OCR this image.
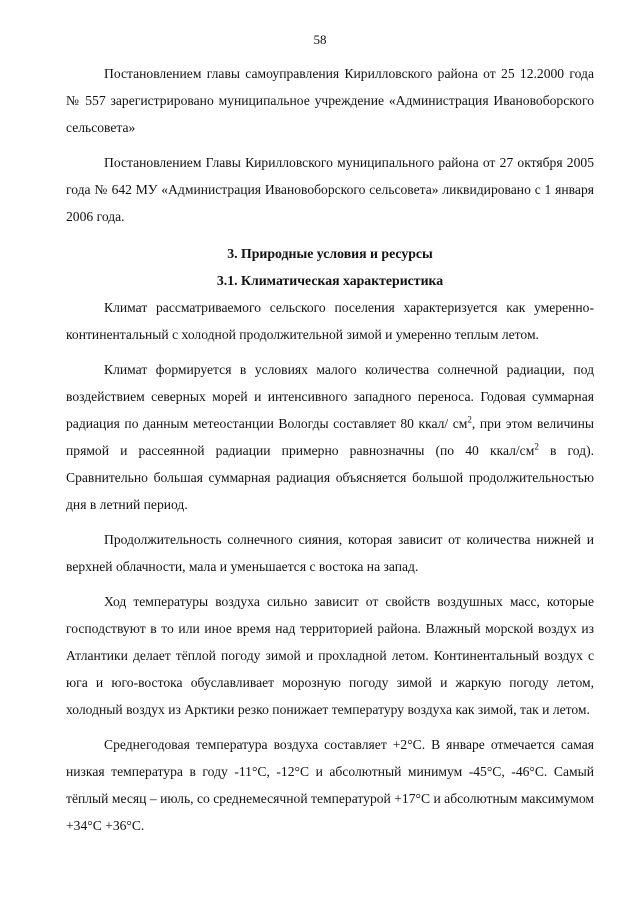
58

Постановлением главы самоуправления Кирилловского района от 25 12.2000 года № 557 зарегистрировано муниципальное учреждение «Администрация Ивановоборского сельсовета»

Постановлением Главы Кирилловского муниципального района от 27 октября 2005 года № 642 МУ «Администрация Ивановоборского сельсовета» ликвидировано с 1 января 2006 года.

3. Природные условия и ресурсы

3.1. Климатическая характеристика

Климат рассматриваемого сельского поселения характеризуется как умеренно-континентальный с холодной продолжительной зимой и умеренно теплым летом.

Климат формируется в условиях малого количества солнечной радиации, под воздействием северных морей и интенсивного западного переноса. Годовая суммарная радиация по данным метеостанции Вологды составляет 80 ккал/ $см^2$, при этом величины прямой и рассеянной радиации примерно равнозначны (по 40 ккал/$см^2$ в год). Сравнительно большая суммарная радиация объясняется большой продолжительностью дня в летний период.

Продолжительность солнечного сияния, которая зависит от количества нижней и верхней облачности, мала и уменьшается с востока на запад.

Ход температуры воздуха сильно зависит от свойств воздушных масс, которые господствуют в то или иное время над территорией района. Влажный морской воздух из Атлантики делает тёплой погоду зимой и прохладной летом. Континентальный воздух с юга и юго-востока обуславливает морозную погоду зимой и жаркую погоду летом, холодный воздух из Арктики резко понижает температуру воздуха как зимой, так и летом.

Среднегодовая температура воздуха составляет +2°С. В январе отмечается самая низкая температура в году -11°С, -12°С и абсолютный минимум -45°С, -46°С. Самый тёплый месяц – июль, со среднемесячной температурой +17°С и абсолютным максимумом +34°С +36°С.
